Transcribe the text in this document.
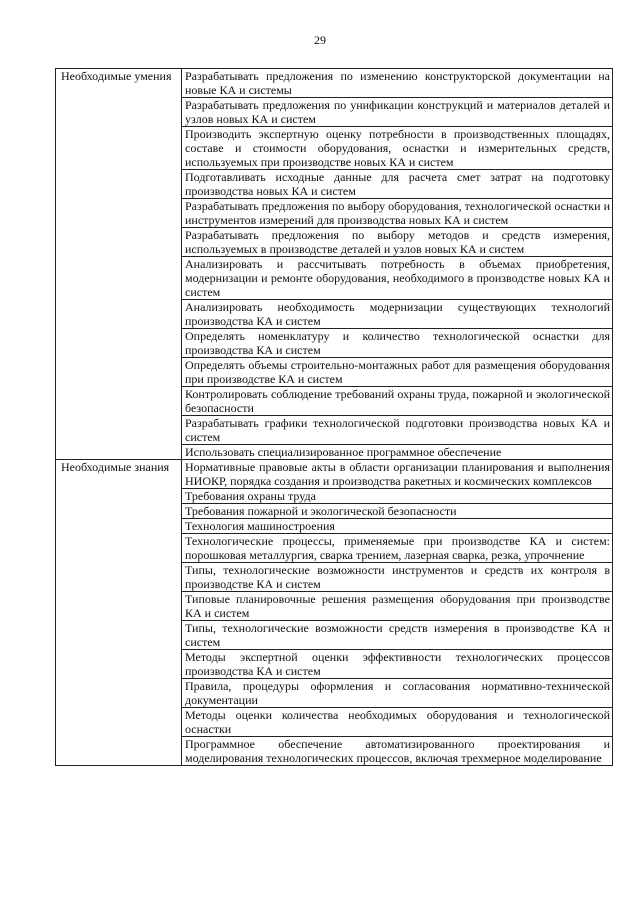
29
Необходимые умения	Разрабатывать предложения по изменению конструкторской документации на новые КА и системы
	Разрабатывать предложения по унификации конструкций и материалов деталей и узлов новых КА и систем
	Производить экспертную оценку потребности в производственных площадях, составе и стоимости оборудования, оснастки и измерительных средств, используемых при производстве новых КА и систем
	Подготавливать исходные данные для расчета смет затрат на подготовку производства новых КА и систем
	Разрабатывать предложения по выбору оборудования, технологической оснастки и инструментов измерений для производства новых КА и систем
	Разрабатывать предложения по выбору методов и средств измерения, используемых в производстве деталей и узлов новых КА и систем
	Анализировать и рассчитывать потребность в объемах приобретения, модернизации и ремонте оборудования, необходимого в производстве новых КА и систем
	Анализировать необходимость модернизации существующих технологий производства КА и систем
	Определять номенклатуру и количество технологической оснастки для производства КА и систем
	Определять объемы строительно-монтажных работ для размещения оборудования при производстве КА и систем
	Контролировать соблюдение требований охраны труда, пожарной и экологической безопасности
	Разрабатывать графики технологической подготовки производства новых КА и систем
	Использовать специализированное программное обеспечение
Необходимые знания	Нормативные правовые акты в области организации планирования и выполнения НИОКР, порядка создания и производства ракетных и космических комплексов
	Требования охраны труда
	Требования пожарной и экологической безопасности
	Технология машиностроения
	Технологические процессы, применяемые при производстве КА и систем: порошковая металлургия, сварка трением, лазерная сварка, резка, упрочнение
	Типы, технологические возможности инструментов и средств их контроля в производстве КА и систем
	Типовые планировочные решения размещения оборудования при производстве КА и систем
	Типы, технологические возможности средств измерения в производстве КА и систем
	Методы экспертной оценки эффективности технологических процессов производства КА и систем
	Правила, процедуры оформления и согласования нормативно-технической документации
	Методы оценки количества необходимых оборудования и технологической оснастки
	Программное обеспечение автоматизированного проектирования и моделирования технологических процессов, включая трехмерное моделирование
